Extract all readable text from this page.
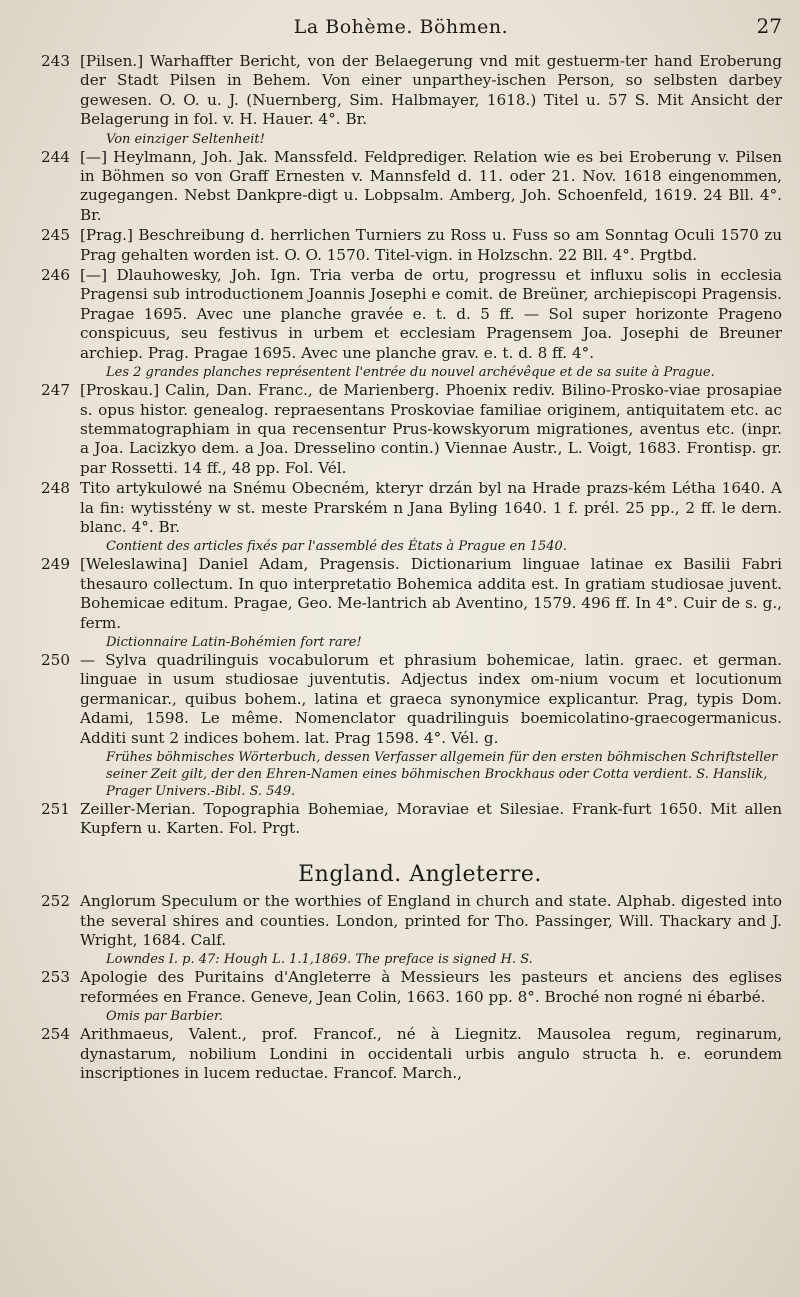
La Bohème. Böhmen.	27
243 [Pilsen.] Warhaffter Bericht, von der Belaegerung vnd mit gestuerm-ter hand Eroberung der Stadt Pilsen in Behem. Von einer unparthey-ischen Person, so selbsten darbey gewesen. O. O. u. J. (Nuernberg, Sim. Halbmayer, 1618.) Titel u. 57 S. Mit Ansicht der Belagerung in fol. v. H. Hauer. 4°. Br.
Von einziger Seltenheit!
244 [—] Heylmann, Joh. Jak. Manssfeld. Feldprediger. Relation wie es bei Eroberung v. Pilsen in Böhmen so von Graff Ernesten v. Mannsfeld d. 11. oder 21. Nov. 1618 eingenommen, zugegangen. Nebst Dankpre-digt u. Lobpsalm. Amberg, Joh. Schoenfeld, 1619. 24 Bll. 4°. Br.
245 [Prag.] Beschreibung d. herrlichen Turniers zu Ross u. Fuss so am Sonntag Oculi 1570 zu Prag gehalten worden ist. O. O. 1570. Titel-vign. in Holzschn. 22 Bll. 4°. Prgtbd.
246 [—] Dlauhowesky, Joh. Ign. Tria verba de ortu, progressu et influxu solis in ecclesia Pragensi sub introductionem Joannis Josephi e comit. de Breüner, archiepiscopi Pragensis. Pragae 1695. Avec une planche gravée e. t. d. 5 ff. — Sol super horizonte Prageno conspicuus, seu festivus in urbem et ecclesiam Pragensem Joa. Josephi de Breuner archiep. Prag. Pragae 1695. Avec une planche grav. e. t. d. 8 ff. 4°.
Les 2 grandes planches représentent l'entrée du nouvel archévêque et de sa suite à Prague.
247 [Proskau.] Calin, Dan. Franc., de Marienberg. Phoenix rediv. Bilino-Prosko-viae prosapiae s. opus histor. genealog. repraesentans Proskoviae familiae originem, antiquitatem etc. ac stemmatographiam in qua recensentur Prus-kowskyorum migrationes, aventus etc. (inpr. a Joa. Lacizkyo dem. a Joa. Dresselino contin.) Viennae Austr., L. Voigt, 1683. Frontisp. gr. par Rossetti. 14 ff., 48 pp. Fol. Vél.
248 Tito artykulowé na Snému Obecném, kteryr drzán byl na Hrade prazs-kém Létha 1640. A la fin: wytisstény w st. meste Prarském n Jana Byling 1640. 1 f. prél. 25 pp., 2 ff. le dern. blanc. 4°. Br.
Contient des articles fixés par l'assemblé des États à Prague en 1540.
249 [Weleslawina] Daniel Adam, Pragensis. Dictionarium linguae latinae ex Basilii Fabri thesauro collectum. In quo interpretatio Bohemica addita est. In gratiam studiosae juvent. Bohemicae editum. Pragae, Geo. Me-lantrich ab Aventino, 1579. 496 ff. In 4°. Cuir de s. g., ferm.
Dictionnaire Latin-Bohémien fort rare!
250 — Sylva quadrilinguis vocabulorum et phrasium bohemicae, latin. graec. et german. linguae in usum studiosae juventutis. Adjectus index om-nium vocum et locutionum germanicar., quibus bohem., latina et graeca synonymice explicantur. Prag, typis Dom. Adami, 1598. Le même. Nomenclator quadrilinguis boemicolatino-graecogermanicus. Additi sunt 2 indices bohem. lat. Prag 1598. 4°. Vél. g.
Frühes böhmisches Wörterbuch, dessen Verfasser allgemein für den ersten böhmischen Schriftsteller seiner Zeit gilt, der den Ehren-Namen eines böhmischen Brockhaus oder Cotta verdient. S. Hanslik, Prager Univers.-Bibl. S. 549.
251 Zeiller-Merian. Topographia Bohemiae, Moraviae et Silesiae. Frank-furt 1650. Mit allen Kupfern u. Karten. Fol. Prgt.
England. Angleterre.
252 Anglorum Speculum or the worthies of England in church and state. Alphab. digested into the several shires and counties. London, printed for Tho. Passinger, Will. Thackary and J. Wright, 1684. Calf.
Lowndes I. p. 47: Hough L. 1.1,1869. The preface is signed H. S.
253 Apologie des Puritains d'Angleterre à Messieurs les pasteurs et anciens des eglises reformées en France. Geneve, Jean Colin, 1663. 160 pp. 8°. Broché non rogné ni ébarbé.
Omis par Barbier.
254 Arithmaeus, Valent., prof. Francof., né à Liegnitz. Mausolea regum, reginarum, dynastarum, nobilium Londini in occidentali urbis angulo structa h. e. eorundem inscriptiones in lucem reductae. Francof. March.,
